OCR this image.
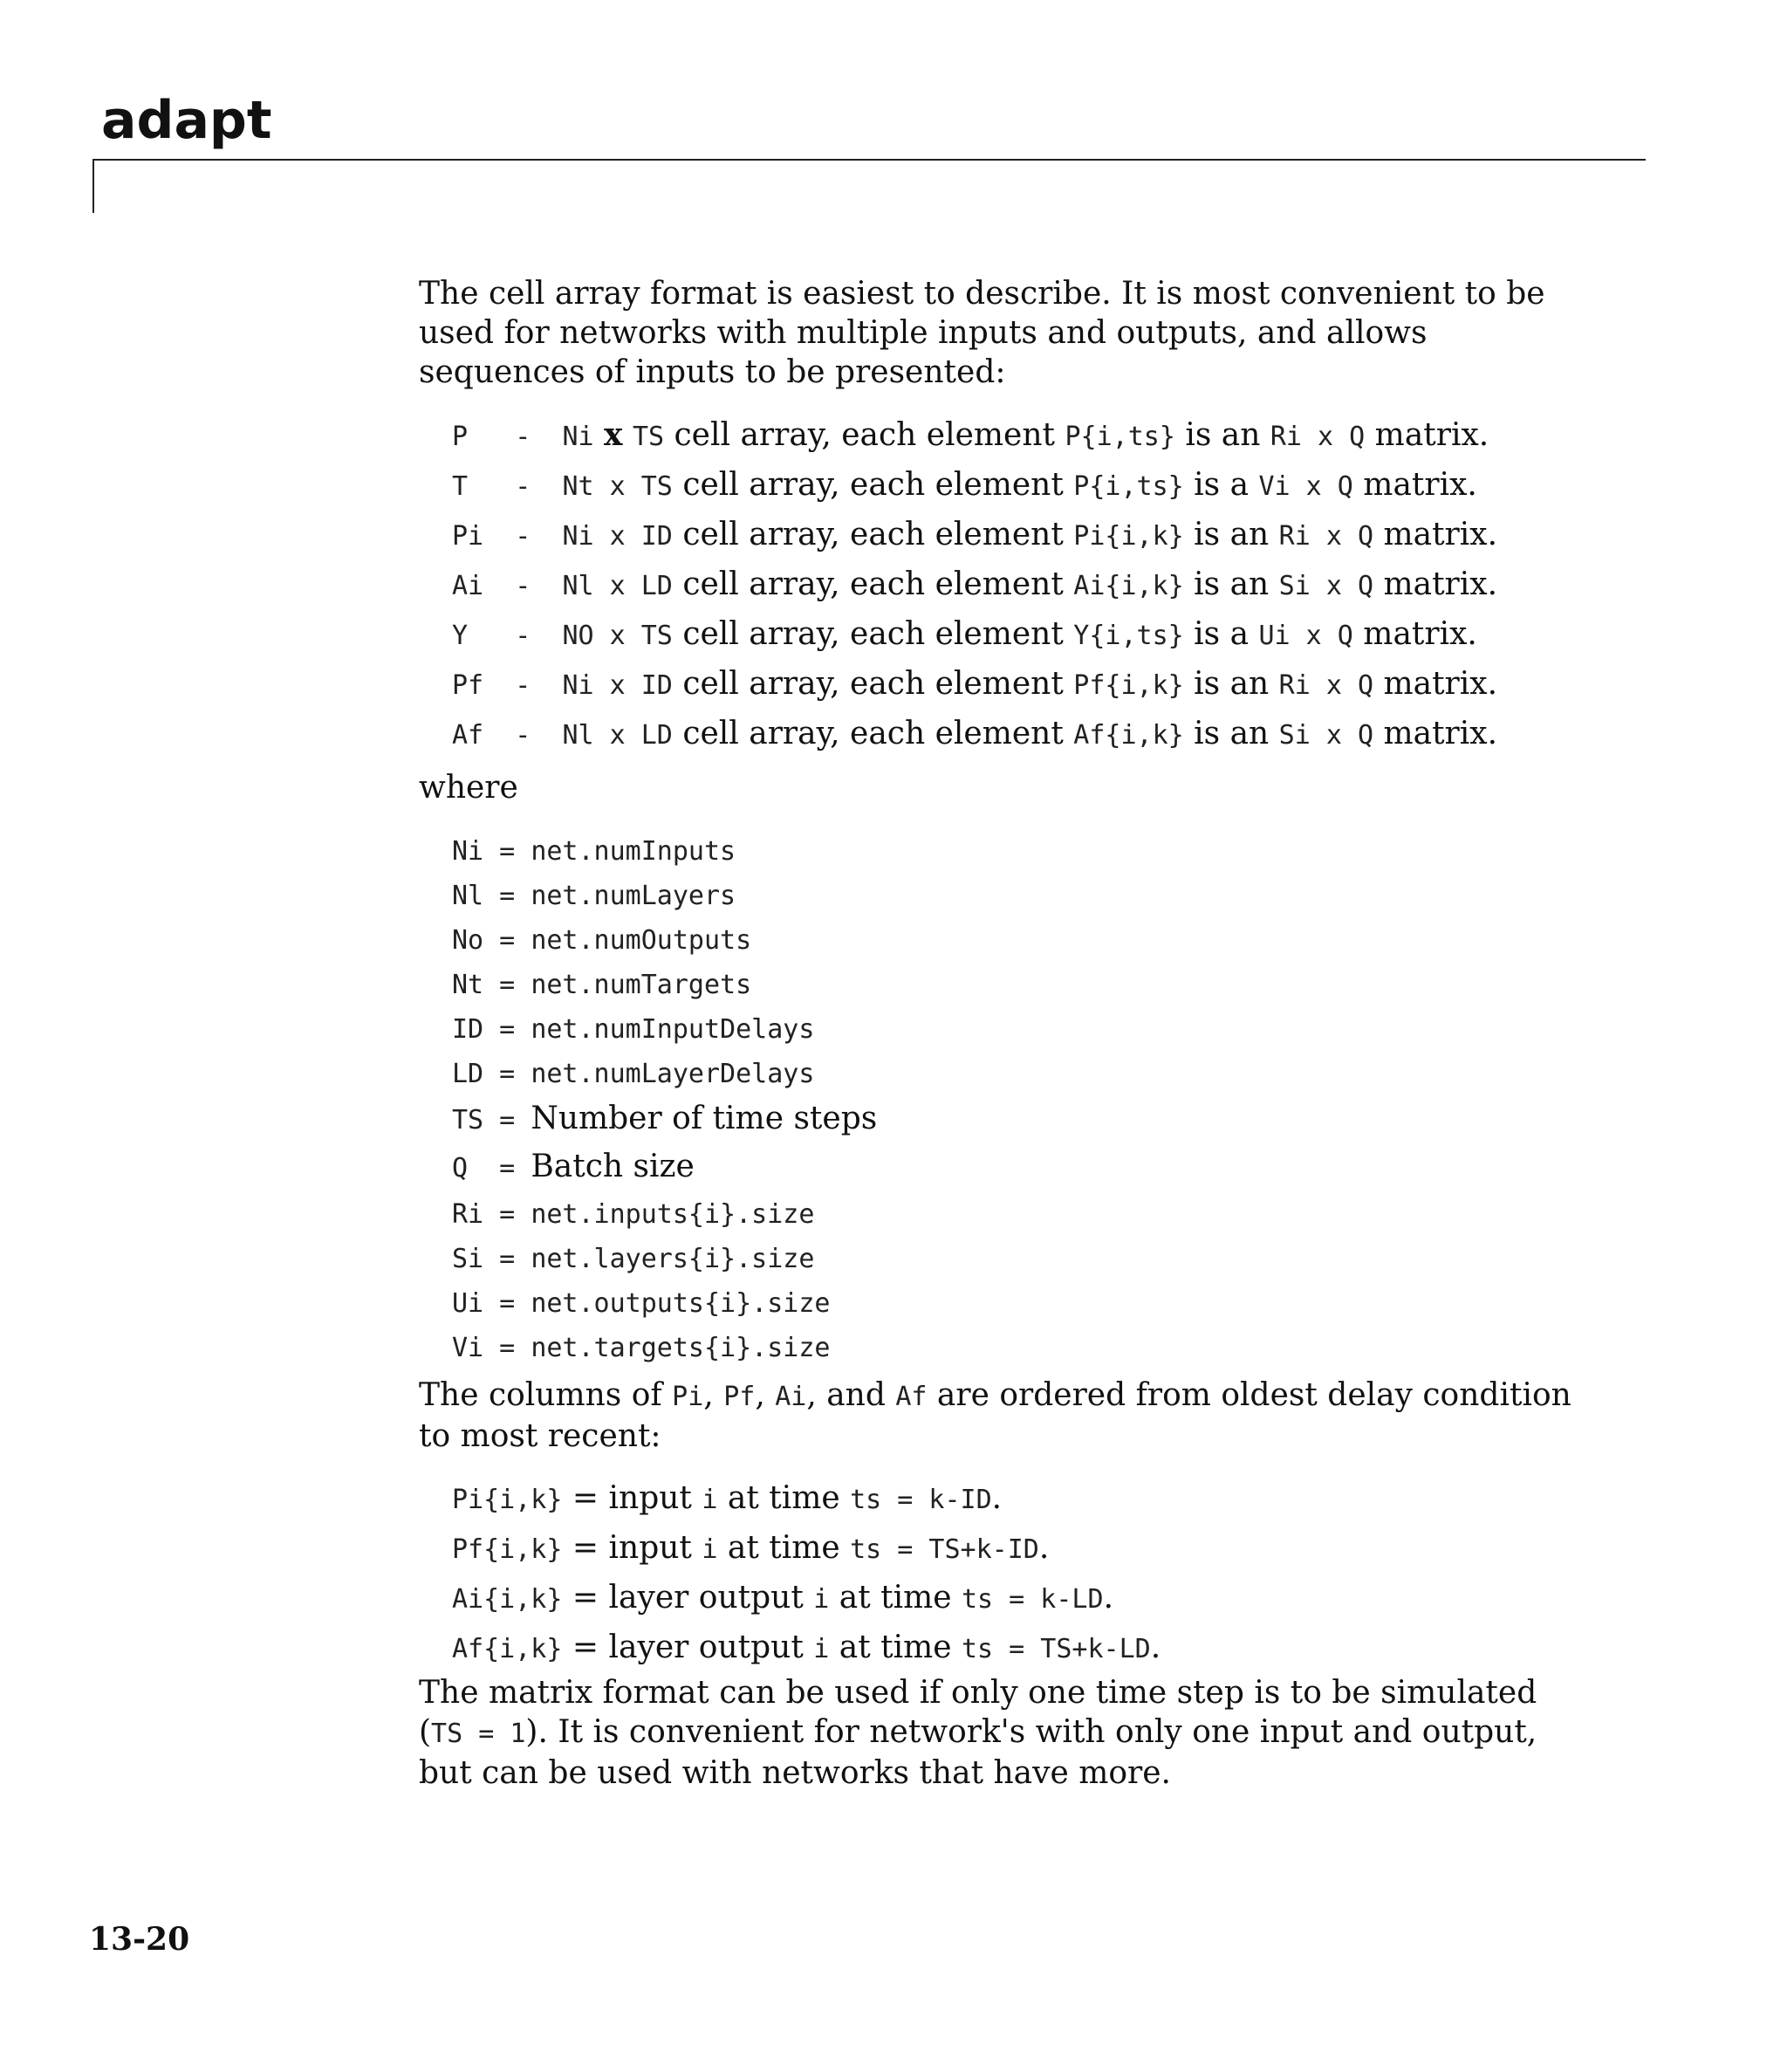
adapt

The cell array format is easiest to describe. It is most convenient to be used for networks with multiple inputs and outputs, and allows sequences of inputs to be presented:

P   -  Ni x TS cell array, each element P{i,ts} is an Ri x Q matrix.
T   -  Nt x TS cell array, each element P{i,ts} is a Vi x Q matrix.
Pi  -  Ni x ID cell array, each element Pi{i,k} is an Ri x Q matrix.
Ai  -  Nl x LD cell array, each element Ai{i,k} is an Si x Q matrix.
Y   -  NO x TS cell array, each element Y{i,ts} is a Ui x Q matrix.
Pf  -  Ni x ID cell array, each element Pf{i,k} is an Ri x Q matrix.
Af  -  Nl x LD cell array, each element Af{i,k} is an Si x Q matrix.

where

Ni = net.numInputs
Nl = net.numLayers
No = net.numOutputs
Nt = net.numTargets
ID = net.numInputDelays
LD = net.numLayerDelays
TS = Number of time steps
Q  = Batch size
Ri = net.inputs{i}.size
Si = net.layers{i}.size
Ui = net.outputs{i}.size
Vi = net.targets{i}.size

The columns of Pi, Pf, Ai, and Af are ordered from oldest delay condition to most recent:

Pi{i,k} = input i at time ts = k-ID.
Pf{i,k} = input i at time ts = TS+k-ID.
Ai{i,k} = layer output i at time ts = k-LD.
Af{i,k} = layer output i at time ts = TS+k-LD.

The matrix format can be used if only one time step is to be simulated (TS = 1). It is convenient for network's with only one input and output, but can be used with networks that have more.

13-20
